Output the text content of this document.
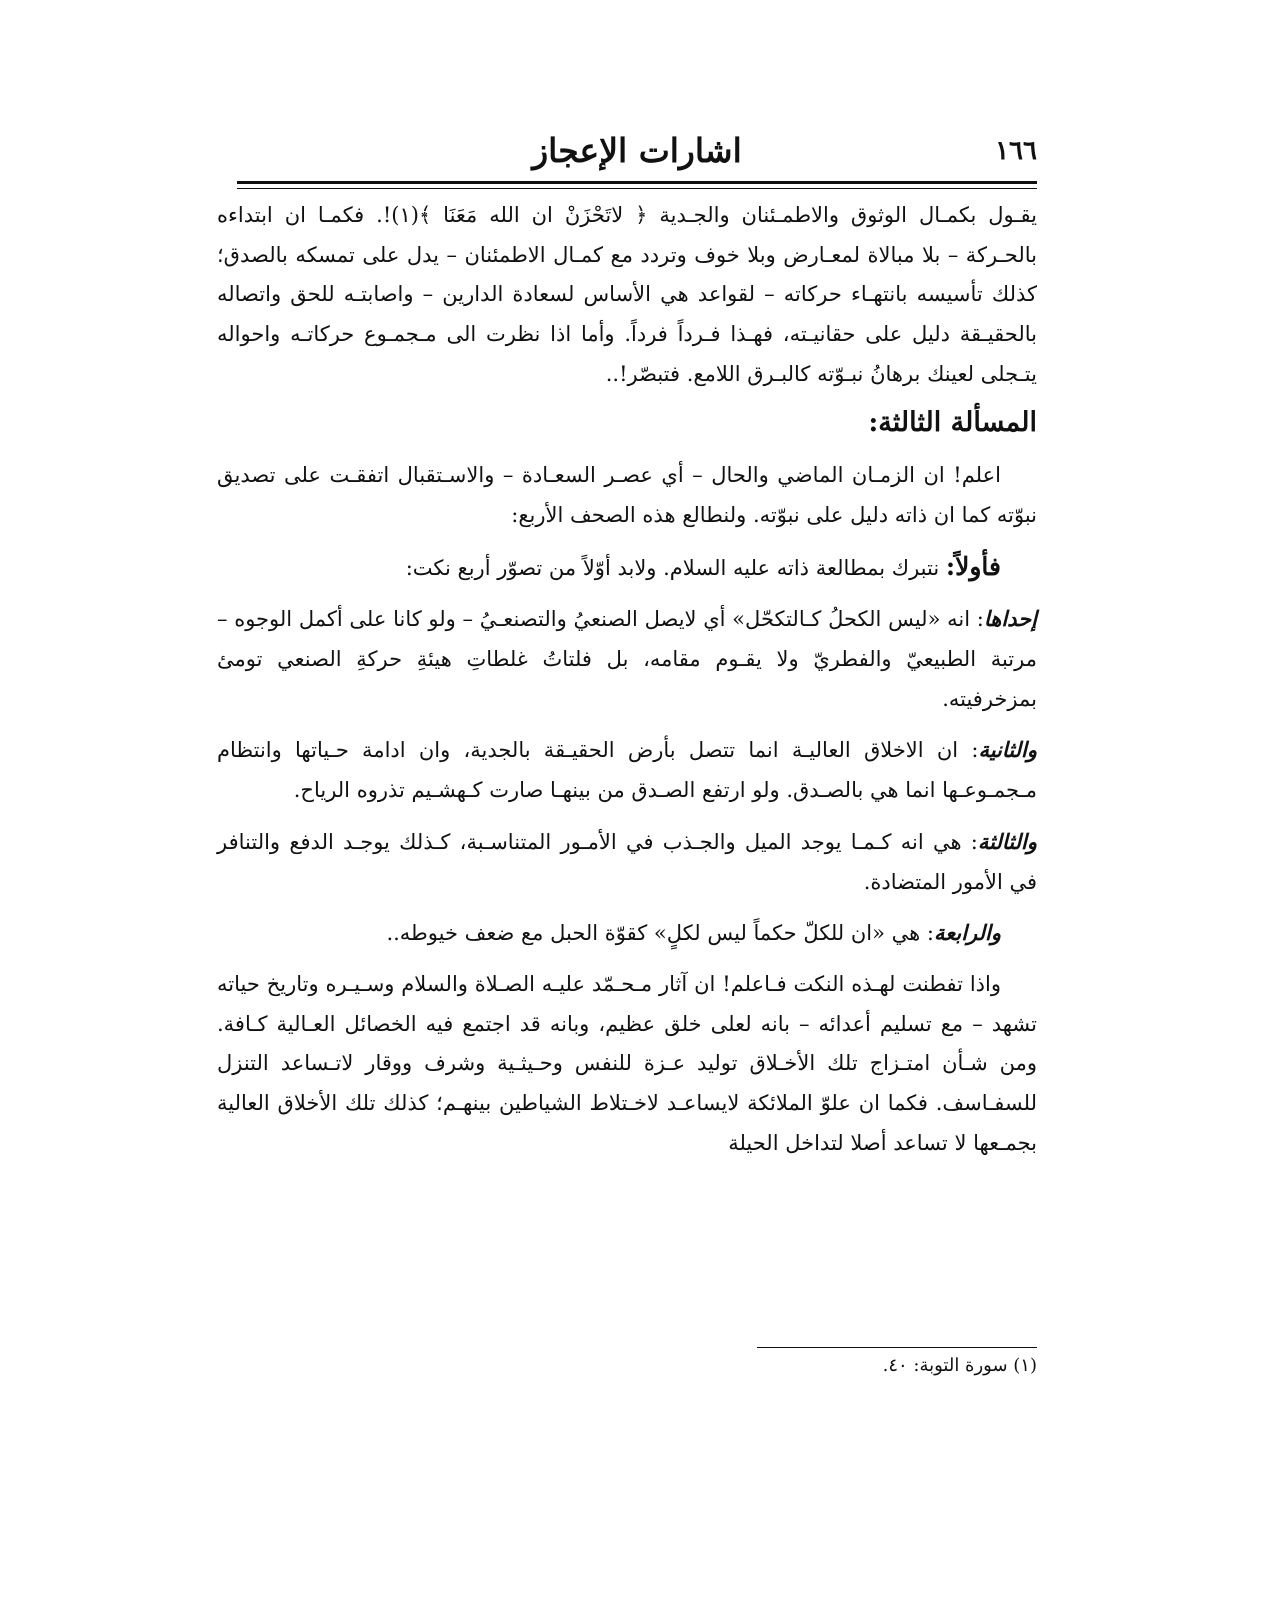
اشارات الإعجاز	١٦٦

يقـول بكمـال الوثوق والاطمـئنان والجـدية ﴿ لاتَحْزَنْ ان الله مَعَنَا ﴾(١)!. فكمـا ان ابتداءه بالحـركة – بلا مبالاة لمعـارض وبلا خوف وتردد مع كمـال الاطمئنان – يدل على تمسكه بالصدق؛ كذلك تأسيسه بانتهـاء حركاته – لقواعد هي الأساس لسعادة الدارين – واصابتـه للحق واتصاله بالحقيـقة دليل على حقانيـته، فهـذا فـرداً فرداً. وأما اذا نظرت الى مـجمـوع حركاتـه واحواله يتـجلى لعينك برهانُ نبـوّته كالبـرق اللامع. فتبصّر!..

المسألة الثالثة:

اعلم! ان الزمـان الماضي والحال – أي عصـر السعـادة – والاسـتقبال اتفقـت على تصديق نبوّته كما ان ذاته دليل على نبوّته. ولنطالع هذه الصحف الأربع:

فأولاً: نتبرك بمطالعة ذاته عليه السلام. ولابد أوّلاً من تصوّر أربع نكت:

إحداها: انه «ليس الكحلُ كـالتكحّل» أي لايصل الصنعيُ والتصنعـيُ – ولو كانا على أكمل الوجوه – مرتبة الطبيعيّ والفطريّ ولا يقـوم مقامه، بل فلتاتُ غلطاتِ هيئةِ حركةِ الصنعي تومئ بمزخرفيته.

والثانية: ان الاخلاق العاليـة انما تتصل بأرض الحقيـقة بالجدية، وان ادامة حـياتها وانتظام مـجمـوعـها انما هي بالصـدق. ولو ارتفع الصـدق من بينهـا صارت كـهشـيم تذروه الرياح.

والثالثة: هي انه كـمـا يوجد الميل والجـذب في الأمـور المتناسـبة، كـذلك يوجـد الدفع والتنافر في الأمور المتضادة.

والرابعة: هي «ان للكلّ حكماً ليس لكلٍ» كقوّة الحبل مع ضعف خيوطه..

واذا تفطنت لهـذه النكت فـاعلم! ان آثار مـحـمّد عليـه الصـلاة والسلام وسـيـره وتاريخ حياته تشهد – مع تسليم أعدائه – بانه لعلى خلق عظيم، وبانه قد اجتمع فيه الخصائل العـالية كـافة. ومن شـأن امتـزاج تلك الأخـلاق توليد عـزة للنفس وحـيثـية وشرف ووقار لاتـساعد التنزل للسفـاسف. فكما ان علوّ الملائكة لايساعـد لاخـتلاط الشياطين بينهـم؛ كذلك تلك الأخلاق العالية بجمـعها لا تساعد أصلا لتداخل الحيلة

(١) سورة التوبة: ٤٠.
